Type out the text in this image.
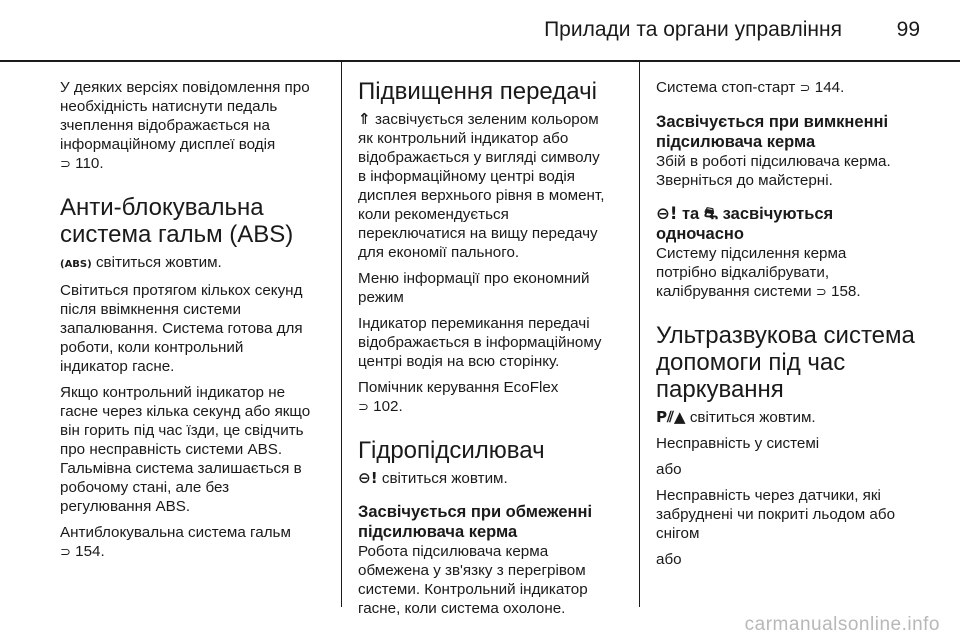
Прилади та органи управління	99

У деяких версіях повідомлення про
необхідність натиснути педаль
зчеплення відображається на
інформаційному дисплеї водія
⊃ 110.

Анти-блокувальна
система гальм (ABS)

(ABS) світиться жовтим.

Світиться протягом кількох секунд
після ввімкнення системи
запалювання. Система готова для
роботи, коли контрольний
індикатор гасне.

Якщо контрольний індикатор не
гасне через кілька секунд або якщо
він горить під час їзди, це свідчить
про несправність системи ABS.
Гальмівна система залишається в
робочому стані, але без
регулювання ABS.

Антиблокувальна система гальм
⊃ 154.

Підвищення передачі

⇑ засвічується зеленим кольором
як контрольний індикатор або
відображається у вигляді символу
в інформаційному центрі водія
дисплея верхнього рівня в момент,
коли рекомендується
переключатися на вищу передачу
для економії пального.

Меню інформації про економний
режим

Індикатор перемикання передачі
відображається в інформаційному
центрі водія на всю сторінку.

Помічник керування EcoFlex
⊃ 102.

Гідропідсилювач

⊖! світиться жовтим.

Засвічується при обмеженні
підсилювача керма

Робота підсилювача керма
обмежена у зв'язку з перегрівом
системи. Контрольний індикатор
гасне, коли система охолоне.

Система стоп-старт ⊃ 144.

Засвічується при вимкненні
підсилювача керма

Збій в роботі підсилювача керма.
Зверніться до майстерні.

⊖! та ⛐ засвічуються
одночасно

Систему підсилення керма
потрібно відкалібрувати,
калібрування системи ⊃ 158.

Ультразвукова система
допомоги під час
паркування

P⫽▲ світиться жовтим.

Несправність у системі

або

Несправність через датчики, які
забруднені чи покриті льодом або
снігом

або

carmanualsonline.info
